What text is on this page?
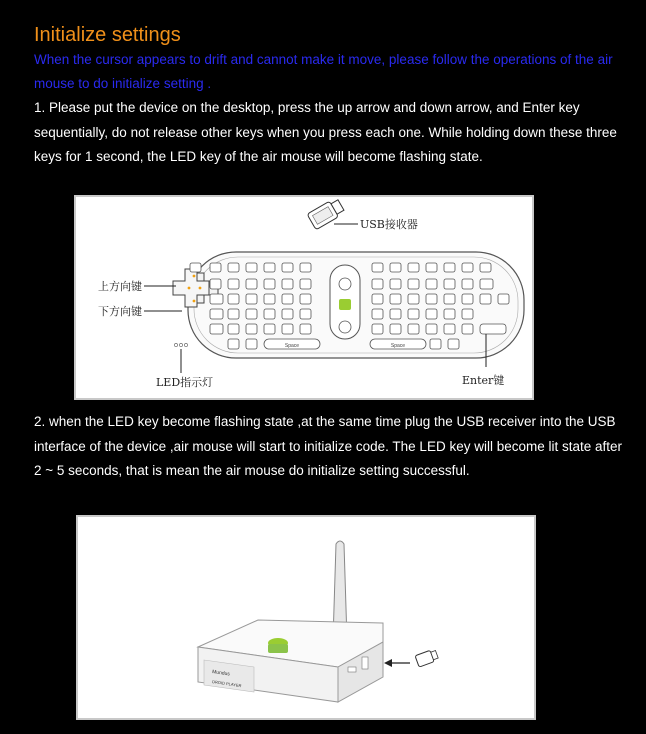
Initialize settings
When the cursor appears to drift and cannot make it move, please follow the operations of the air mouse to do initialize setting .
1. Please put the device on the desktop, press the up arrow and down arrow, and Enter key sequentially, do not release other keys when you press each one. While holding down these three keys for 1 second, the LED key of the air mouse will become flashing state.
USB接收器
上方向键
下方向键
Space	Space
LED指示灯	Enter键
2. when the LED key become flashing state ,at the same time plug the USB receiver into the USB interface of the device ,air mouse will start to initialize code. The LED key will become lit state after 2 ~ 5 seconds, that is mean the air mouse do initialize setting successful.
Mundus
DROID PLAYER
